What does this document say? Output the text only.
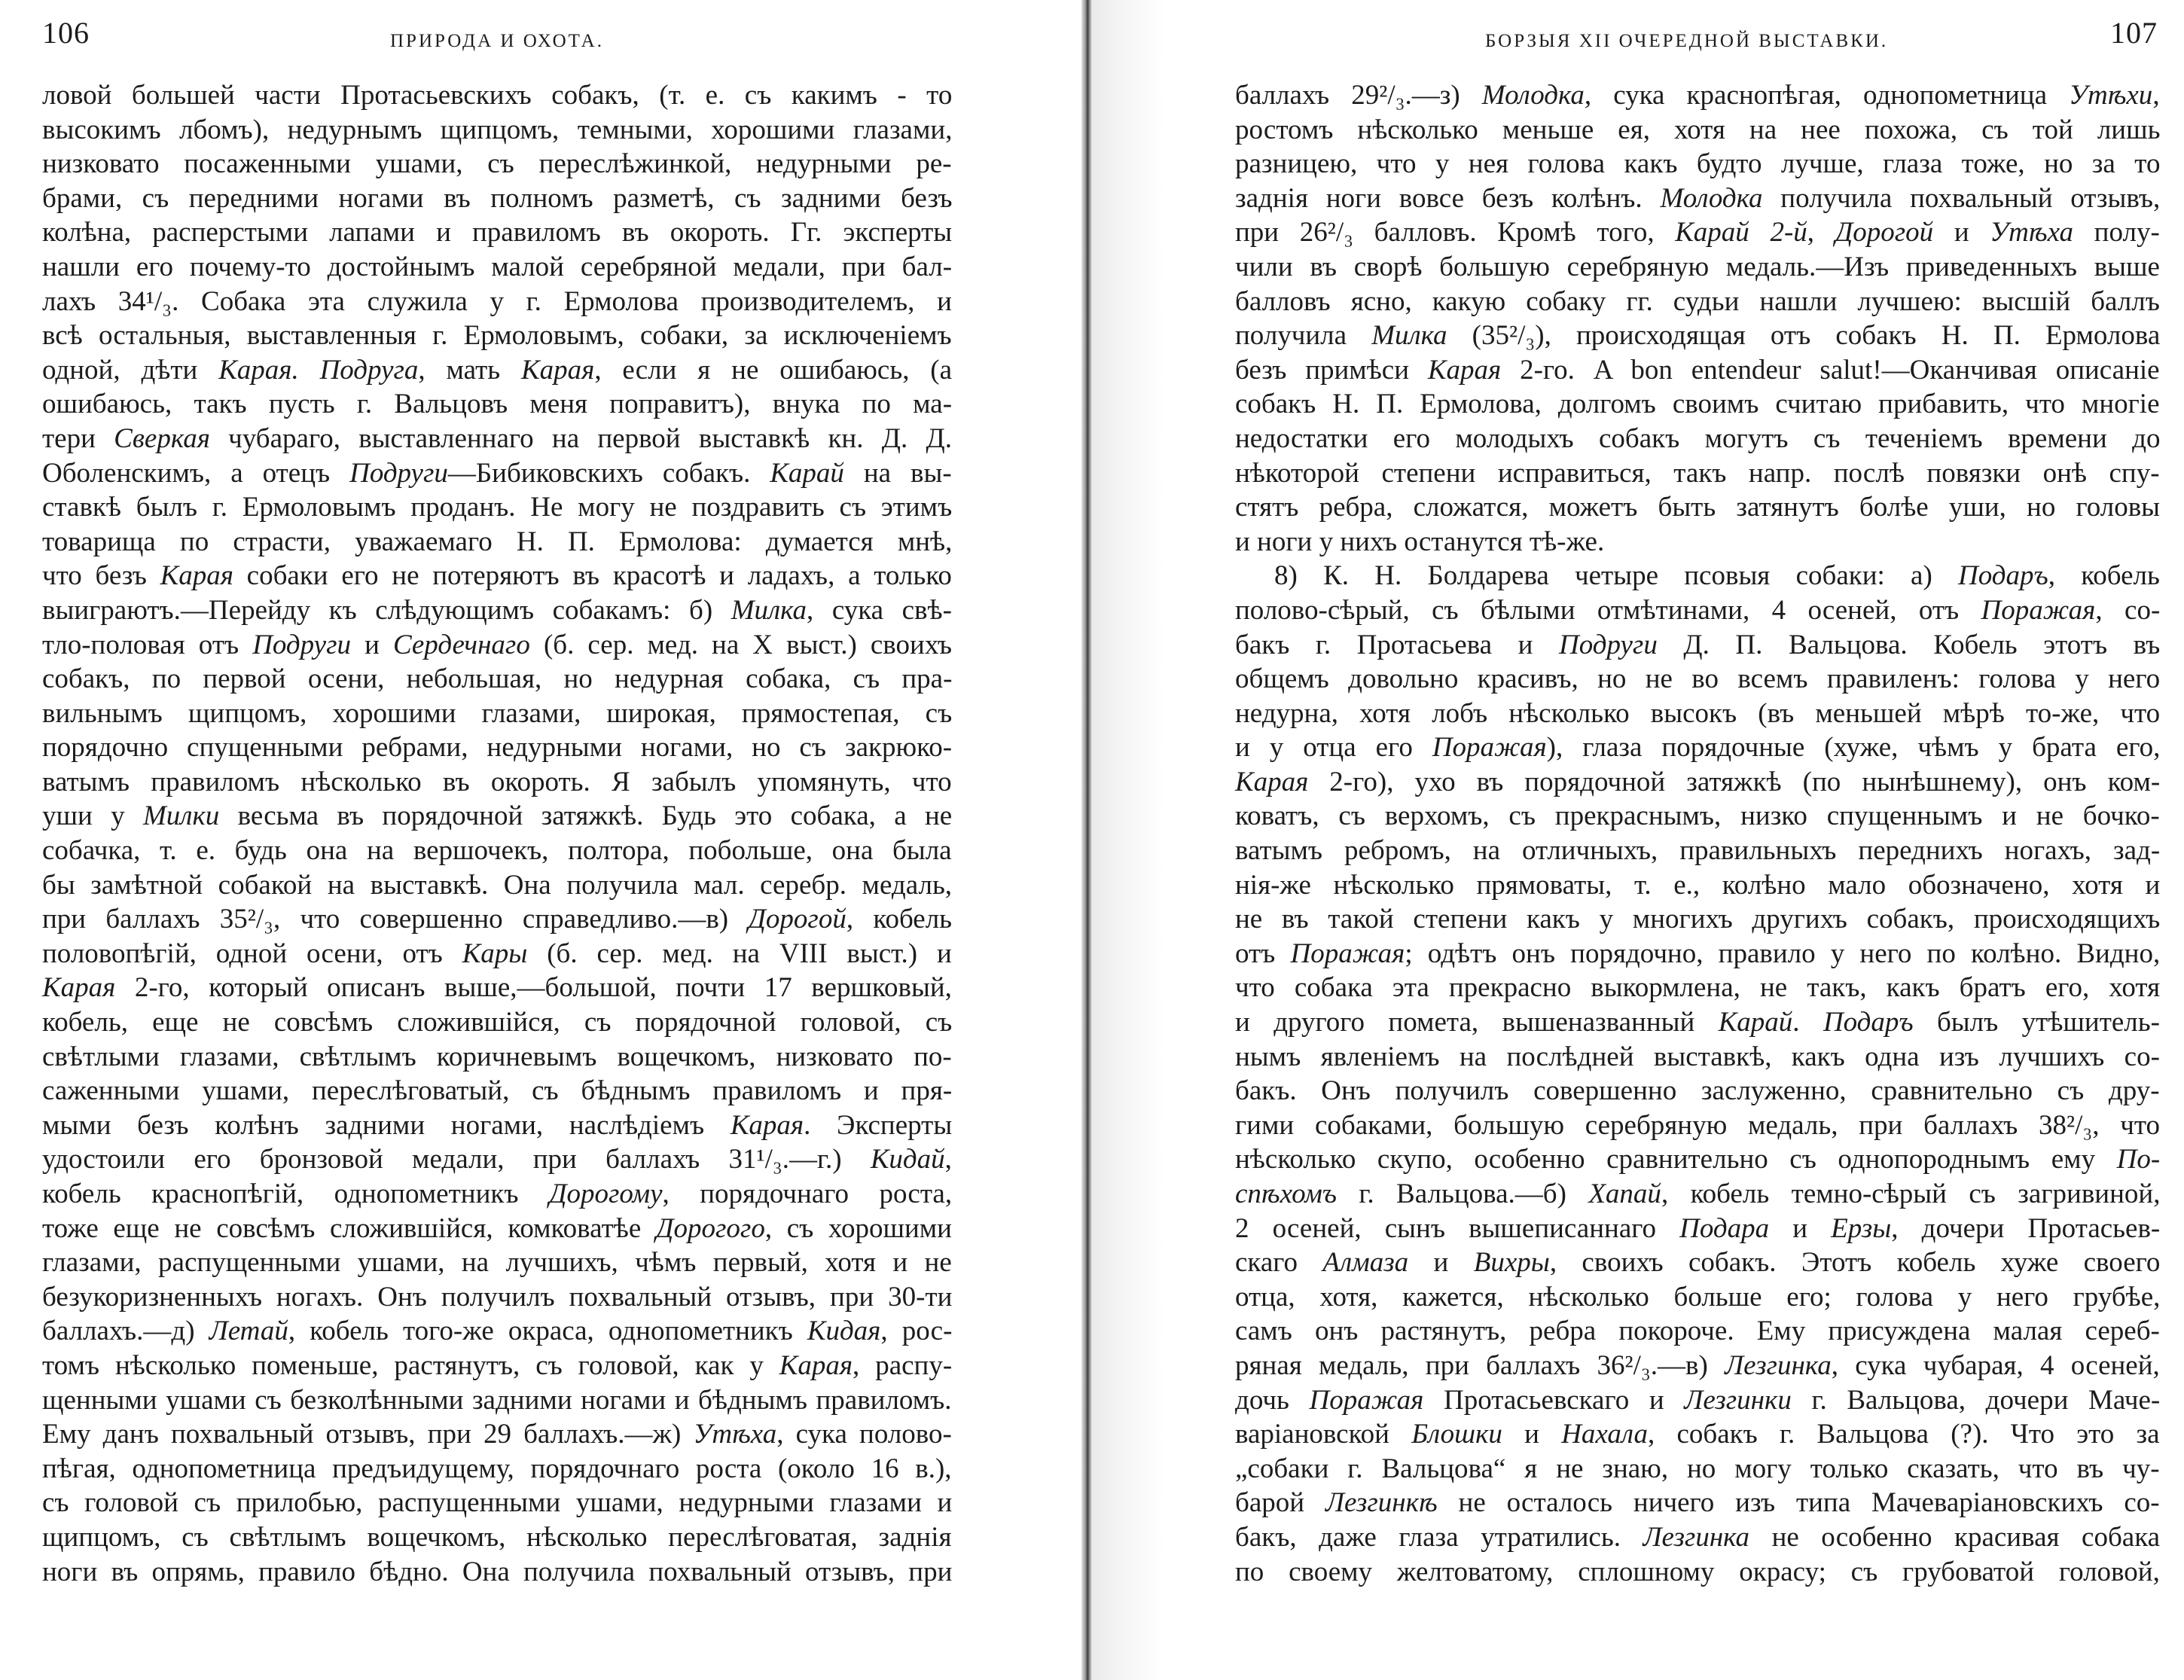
106	ПРИРОДА И ОХОТА.
ловой большей части Протасьевскихъ собакъ, (т. е. съ какимъ - то
высокимъ лбомъ), недурнымъ щипцомъ, темными, хорошими глазами,
низковато посаженными ушами, съ переслѣжинкой, недурными ре-
брами, съ передними ногами въ полномъ разметѣ, съ задними безъ
колѣна, расперстыми лапами и правиломъ въ окороть. Гг. эксперты
нашли его почему-то достойнымъ малой серебряной медали, при бал-
лахъ 34¹/₃. Собака эта служила у г. Ермолова производителемъ, и
всѣ остальныя, выставленныя г. Ермоловымъ, собаки, за исключеніемъ
одной, дѣти Карая. Подруга, мать Карая, если я не ошибаюсь, (а
ошибаюсь, такъ пусть г. Вальцовъ меня поправитъ), внука по ма-
тери Сверкая чубараго, выставленнаго на первой выставкѣ кн. Д. Д.
Оболенскимъ, а отецъ Подруги—Бибиковскихъ собакъ. Карай на вы-
ставкѣ былъ г. Ермоловымъ проданъ. Не могу не поздравить съ этимъ
товарища по страсти, уважаемаго Н. П. Ермолова: думается мнѣ,
что безъ Карая собаки его не потеряютъ въ красотѣ и ладахъ, а только
выиграютъ.—Перейду къ слѣдующимъ собакамъ: б) Милка, сука свѣ-
тло-половая отъ Подруги и Сердечнаго (б. сер. мед. на X выст.) своихъ
собакъ, по первой осени, небольшая, но недурная собака, съ пра-
вильнымъ щипцомъ, хорошими глазами, широкая, прямостепая, съ
порядочно спущенными ребрами, недурными ногами, но съ закрюко-
ватымъ правиломъ нѣсколько въ окороть. Я забылъ упомянуть, что
уши у Милки весьма въ порядочной затяжкѣ. Будь это собака, а не
собачка, т. е. будь она на вершочекъ, полтора, побольше, она была
бы замѣтной собакой на выставкѣ. Она получила мал. серебр. медаль,
при баллахъ 35²/₃, что совершенно справедливо.—в) Дорогой, кобель
половопѣгій, одной осени, отъ Кары (б. сер. мед. на VIII выст.) и
Карая 2-го, который описанъ выше,—большой, почти 17 вершковый,
кобель, еще не совсѣмъ сложившійся, съ порядочной головой, съ
свѣтлыми глазами, свѣтлымъ коричневымъ вощечкомъ, низковато по-
саженными ушами, переслѣговатый, съ бѣднымъ правиломъ и пря-
мыми безъ колѣнъ задними ногами, наслѣдіемъ Карая. Эксперты
удостоили его бронзовой медали, при баллахъ 31¹/₃.—г.) Кидай,
кобель краснопѣгій, однопометникъ Дорогому, порядочнаго роста,
тоже еще не совсѣмъ сложившійся, комковатѣе Дорогого, съ хорошими
глазами, распущенными ушами, на лучшихъ, чѣмъ первый, хотя и не
безукоризненныхъ ногахъ. Онъ получилъ похвальный отзывъ, при 30-ти
баллахъ.—д) Летай, кобель того-же окраса, однопометникъ Кидая, рос-
томъ нѣсколько поменьше, растянутъ, съ головой, как у Карая, распу-
щенными ушами съ безколѣнными задними ногами и бѣднымъ правиломъ.
Ему данъ похвальный отзывъ, при 29 баллахъ.—ж) Утѣха, сука полово-
пѣгая, однопометница предъидущему, порядочнаго роста (около 16 в.),
съ головой съ прилобью, распущенными ушами, недурными глазами и
щипцомъ, съ свѣтлымъ вощечкомъ, нѣсколько переслѣговатая, заднія
ноги въ опрямь, правило бѣдно. Она получила похвальный отзывъ, при
БОРЗЫЯ XII ОЧЕРЕДНОЙ ВЫСТАВКИ.	107
баллахъ 29²/₃.—з) Молодка, сука краснопѣгая, однопометница Утѣхи,
ростомъ нѣсколько меньше ея, хотя на нее похожа, съ той лишь
разницею, что у нея голова какъ будто лучше, глаза тоже, но за то
заднія ноги вовсе безъ колѣнъ. Молодка получила похвальный отзывъ,
при 26²/₃ балловъ. Кромѣ того, Карай 2-й, Дорогой и Утѣха полу-
чили въ сворѣ большую серебряную медаль.—Изъ приведенныхъ выше
балловъ ясно, какую собаку гг. судьи нашли лучшею: высшій баллъ
получила Милка (35²/₃), происходящая отъ собакъ Н. П. Ермолова
безъ примѣси Карая 2-го. A bon entendeur salut!—Оканчивая описаніе
собакъ Н. П. Ермолова, долгомъ своимъ считаю прибавить, что многіе
недостатки его молодыхъ собакъ могутъ съ теченіемъ времени до
нѣкоторой степени исправиться, такъ напр. послѣ повязки онѣ спу-
стятъ ребра, сложатся, можетъ быть затянутъ болѣе уши, но головы
и ноги у нихъ останутся тѣ-же.
8) К. Н. Болдарева четыре псовыя собаки: а) Подаръ, кобель
полово-сѣрый, съ бѣлыми отмѣтинами, 4 осеней, отъ Поражая, со-
бакъ г. Протасьева и Подруги Д. П. Вальцова. Кобель этотъ въ
общемъ довольно красивъ, но не во всемъ правиленъ: голова у него
недурна, хотя лобъ нѣсколько высокъ (въ меньшей мѣрѣ то-же, что
и у отца его Поражая), глаза порядочные (хуже, чѣмъ у брата его,
Карая 2-го), ухо въ порядочной затяжкѣ (по нынѣшнему), онъ ком-
коватъ, съ верхомъ, съ прекраснымъ, низко спущеннымъ и не бочко-
ватымъ ребромъ, на отличныхъ, правильныхъ переднихъ ногахъ, зад-
нія-же нѣсколько прямоваты, т. е., колѣно мало обозначено, хотя и
не въ такой степени какъ у многихъ другихъ собакъ, происходящихъ
отъ Поражая; одѣтъ онъ порядочно, правило у него по колѣно. Видно,
что собака эта прекрасно выкормлена, не такъ, какъ братъ его, хотя
и другого помета, вышеназванный Карай. Подаръ былъ утѣшитель-
нымъ явленіемъ на послѣдней выставкѣ, какъ одна изъ лучшихъ со-
бакъ. Онъ получилъ совершенно заслуженно, сравнительно съ дру-
гими собаками, большую серебряную медаль, при баллахъ 38²/₃, что
нѣсколько скупо, особенно сравнительно съ однопороднымъ ему По-
спѣхомъ г. Вальцова.—б) Хапай, кобель темно-сѣрый съ загривиной,
2 осеней, сынъ вышеписаннаго Подара и Ерзы, дочери Протасьев-
скаго Алмаза и Вихры, своихъ собакъ. Этотъ кобель хуже своего
отца, хотя, кажется, нѣсколько больше его; голова у него грубѣе,
самъ онъ растянутъ, ребра покороче. Ему присуждена малая сереб-
ряная медаль, при баллахъ 36²/₃.—в) Лезгинка, сука чубарая, 4 осеней,
дочь Поражая Протасьевскаго и Лезгинки г. Вальцова, дочери Маче-
варіановской Блошки и Нахала, собакъ г. Вальцова (?). Что это за
„собаки г. Вальцова“ я не знаю, но могу только сказать, что въ чу-
барой Лезгинкѣ не осталось ничего изъ типа Мачеваріановскихъ со-
бакъ, даже глаза утратились. Лезгинка не особенно красивая собака
по своему желтоватому, сплошному окрасу; съ грубоватой головой,
